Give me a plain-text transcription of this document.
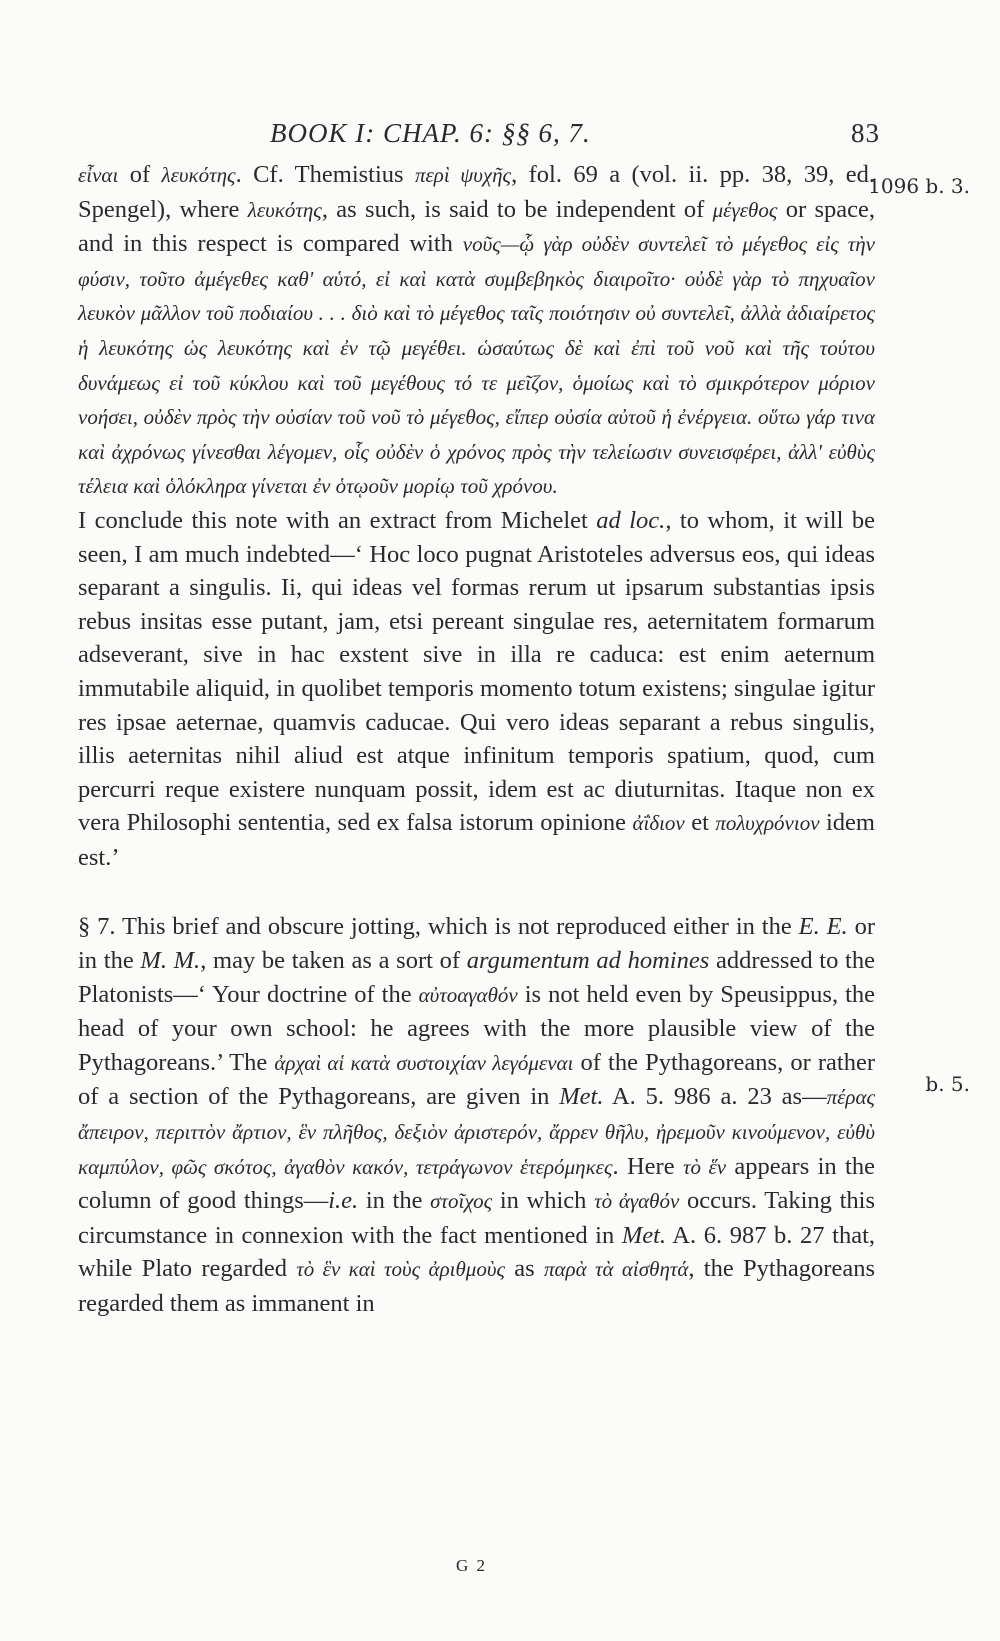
BOOK I: CHAP. 6: §§ 6, 7.	83
1096 b. 3.
b. 5.

εἶναι of λευκότης. Cf. Themistius περὶ ψυχῆς, fol. 69 a (vol. ii. pp. 38, 39, ed. Spengel), where λευκότης, as such, is said to be independent of μέγεθος or space, and in this respect is compared with νοῦς—ᾧ γὰρ οὐδὲν συντελεῖ τὸ μέγεθος εἰς τὴν φύσιν, τοῦτο ἀμέγεθες καθ' αὑτό, εἰ καὶ κατὰ συμβεβηκὸς διαιροῖτο· οὐδὲ γὰρ τὸ πηχυαῖον λευκὸν μᾶλλον τοῦ ποδιαίου . . . διὸ καὶ τὸ μέγεθος ταῖς ποιότησιν οὐ συντελεῖ, ἀλλὰ ἀδιαίρετος ἡ λευκότης ὡς λευκότης καὶ ἐν τῷ μεγέθει. ὡσαύτως δὲ καὶ ἐπὶ τοῦ νοῦ καὶ τῆς τούτου δυνάμεως εἰ τοῦ κύκλου καὶ τοῦ μεγέθους τό τε μεῖζον, ὁμοίως καὶ τὸ σμικρότερον μόριον νοήσει, οὐδὲν πρὸς τὴν οὐσίαν τοῦ νοῦ τὸ μέγεθος, εἴπερ οὐσία αὐτοῦ ἡ ἐνέργεια. οὕτω γάρ τινα καὶ ἀχρόνως γίνεσθαι λέγομεν, οἷς οὐδὲν ὁ χρόνος πρὸς τὴν τελείωσιν συνεισφέρει, ἀλλ' εὐθὺς τέλεια καὶ ὁλόκληρα γίνεται ἐν ὁτῳοῦν μορίῳ τοῦ χρόνου.

I conclude this note with an extract from Michelet ad loc., to whom, it will be seen, I am much indebted—‘ Hoc loco pugnat Aristoteles adversus eos, qui ideas separant a singulis. Ii, qui ideas vel formas rerum ut ipsarum substantias ipsis rebus insitas esse putant, jam, etsi pereant singulae res, aeternitatem formarum adseverant, sive in hac exstent sive in illa re caduca: est enim aeternum immutabile aliquid, in quolibet temporis momento totum existens; singulae igitur res ipsae aeternae, quamvis caducae. Qui vero ideas separant a rebus singulis, illis aeternitas nihil aliud est atque infinitum temporis spatium, quod, cum percurri reque existere nunquam possit, idem est ac diuturnitas. Itaque non ex vera Philosophi sententia, sed ex falsa istorum opinione ἀΐδιον et πολυχρόνιον idem est.’

§ 7. This brief and obscure jotting, which is not reproduced either in the E. E. or in the M. M., may be taken as a sort of argumentum ad homines addressed to the Platonists—‘ Your doctrine of the αὐτοαγαθόν is not held even by Speusippus, the head of your own school: he agrees with the more plausible view of the Pythagoreans.’ The ἀρχαὶ αἱ κατὰ συστοιχίαν λεγόμεναι of the Pythagoreans, or rather of a section of the Pythagoreans, are given in Met. A. 5. 986 a. 23 as—πέρας ἄπειρον, περιττὸν ἄρτιον, ἓν πλῆθος, δεξιὸν ἀριστερόν, ἄρρεν θῆλυ, ἠρεμοῦν κινούμενον, εὐθὺ καμπύλον, φῶς σκότος, ἀγαθὸν κακόν, τετράγωνον ἑτερόμηκες. Here τὸ ἕν appears in the column of good things—i.e. in the στοῖχος in which τὸ ἀγαθόν occurs. Taking this circumstance in connexion with the fact mentioned in Met. A. 6. 987 b. 27 that, while Plato regarded τὸ ἓν καὶ τοὺς ἀριθμοὺς as παρὰ τὰ αἰσθητά, the Pythagoreans regarded them as immanent in

G 2
